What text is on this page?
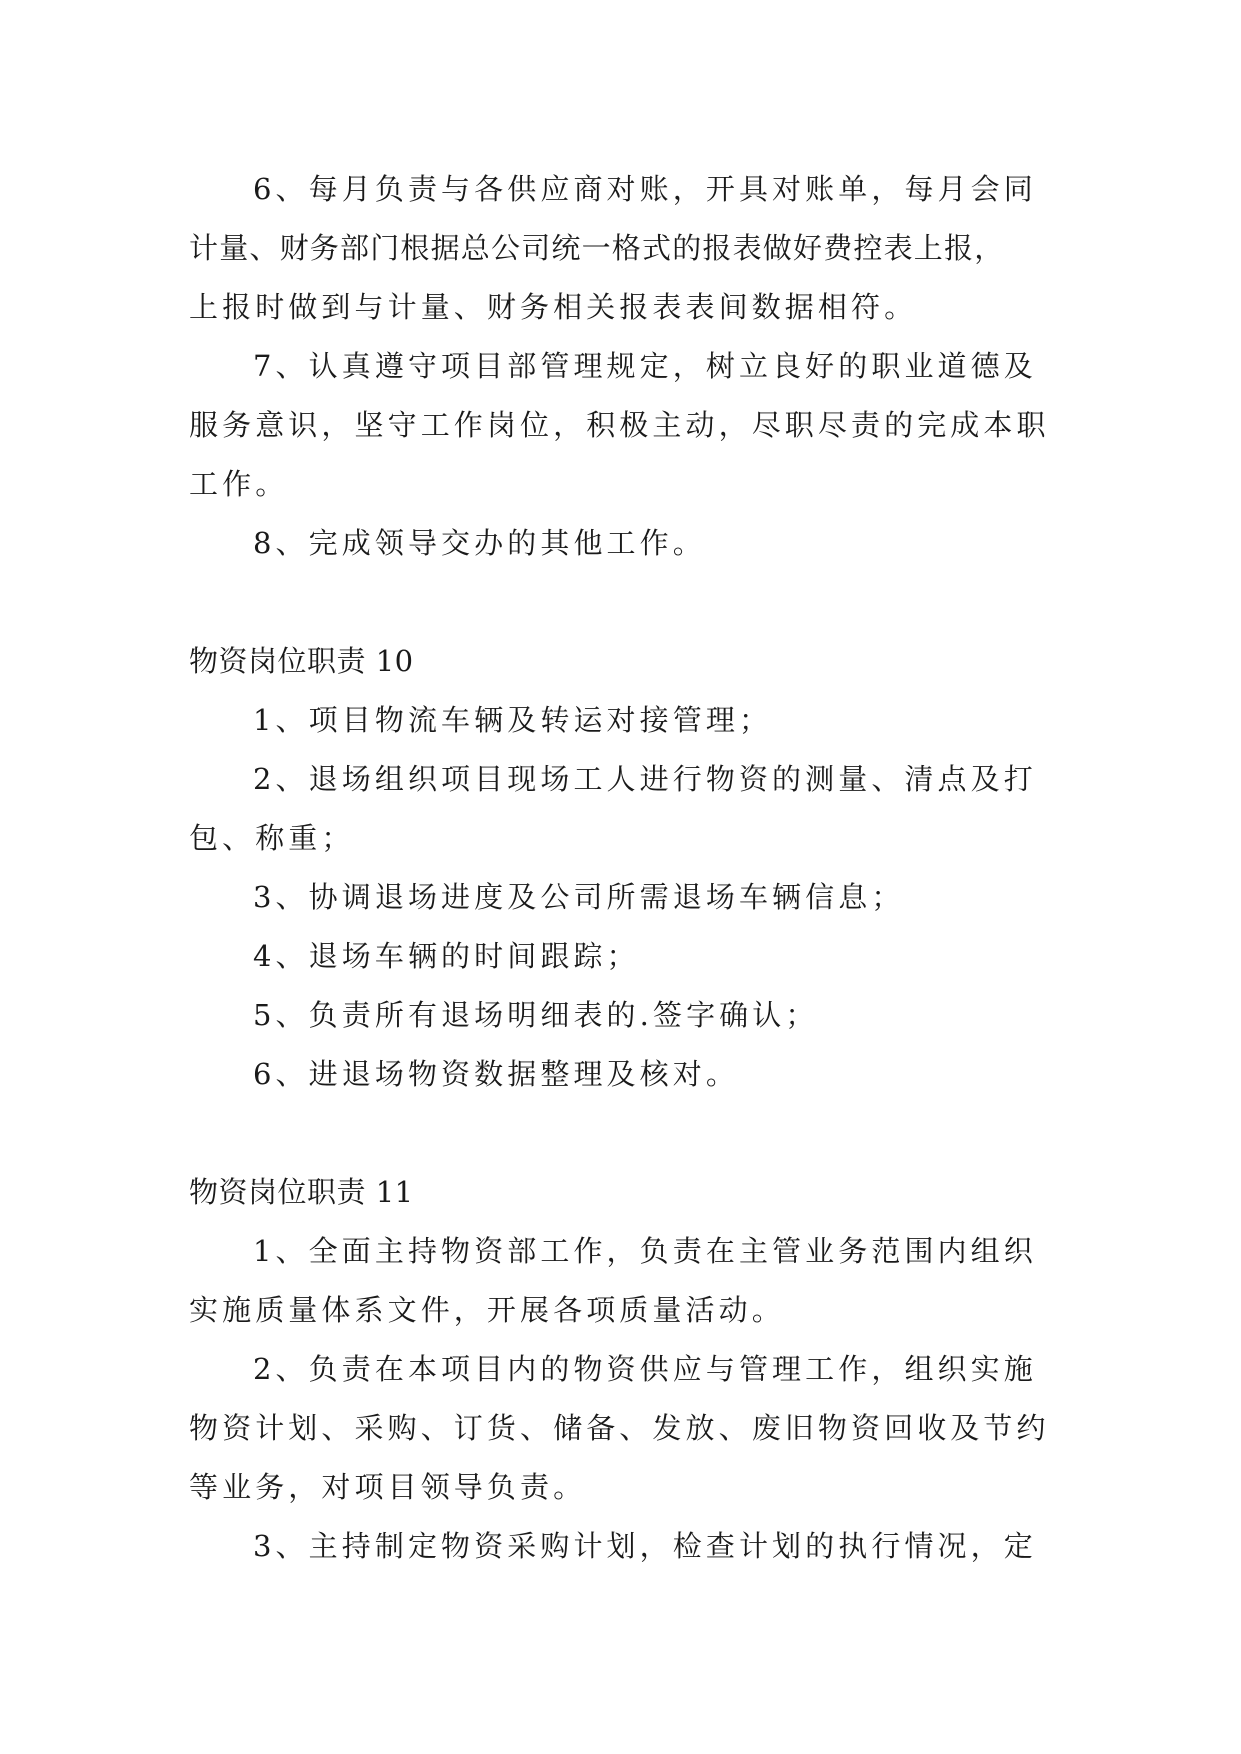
6、每月负责与各供应商对账，开具对账单，每月会同
计量、财务部门根据总公司统一格式的报表做好费控表上报，
上报时做到与计量、财务相关报表表间数据相符。
7、认真遵守项目部管理规定，树立良好的职业道德及
服务意识，坚守工作岗位，积极主动，尽职尽责的完成本职
工作。
8、完成领导交办的其他工作。
物资岗位职责 10
1、项目物流车辆及转运对接管理；
2、退场组织项目现场工人进行物资的测量、清点及打
包、称重；
3、协调退场进度及公司所需退场车辆信息；
4、退场车辆的时间跟踪；
5、负责所有退场明细表的.签字确认；
6、进退场物资数据整理及核对。
物资岗位职责 11
1、全面主持物资部工作，负责在主管业务范围内组织
实施质量体系文件，开展各项质量活动。
2、负责在本项目内的物资供应与管理工作，组织实施
物资计划、采购、订货、储备、发放、废旧物资回收及节约
等业务，对项目领导负责。
3、主持制定物资采购计划，检查计划的执行情况，定
